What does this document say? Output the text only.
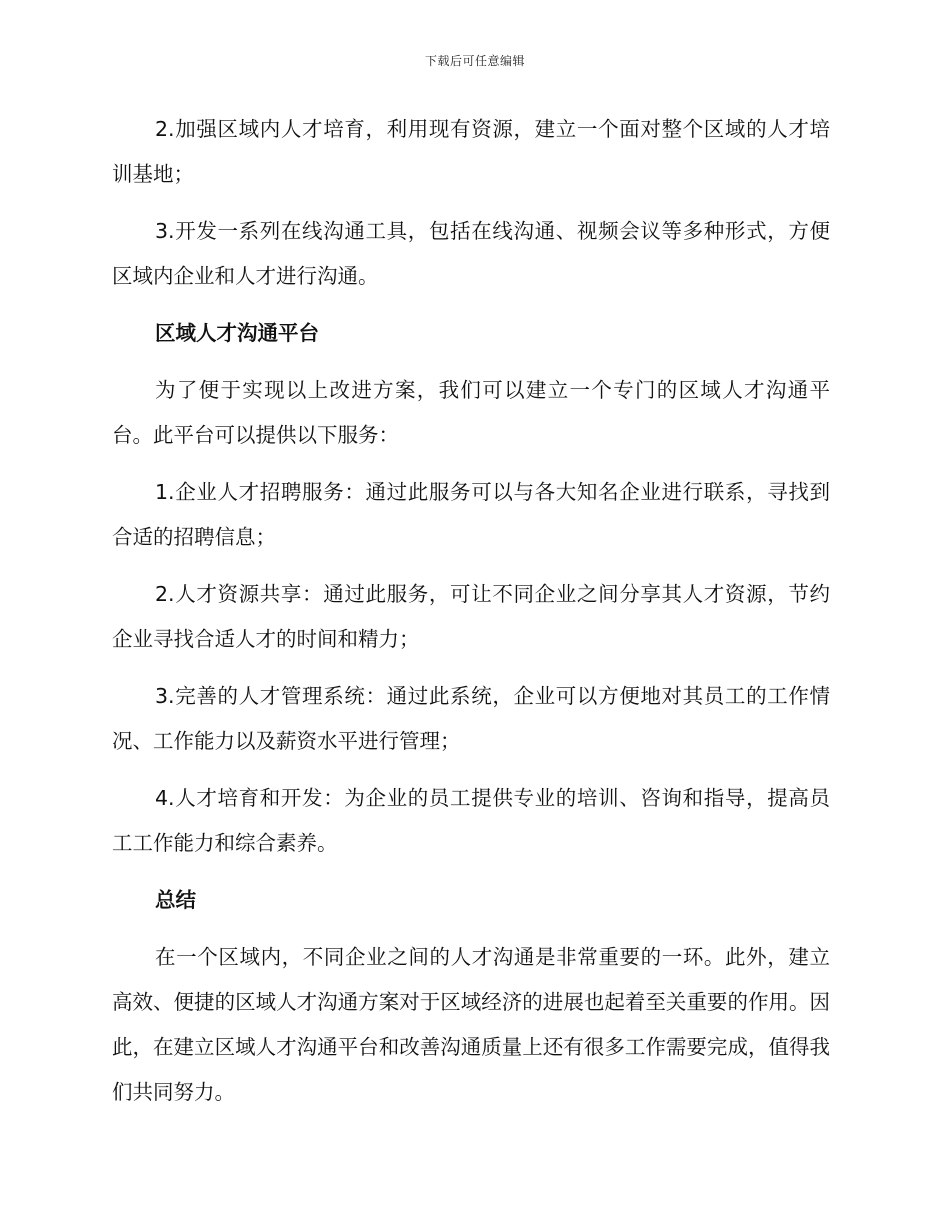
下载后可任意编辑

2.加强区域内人才培育，利用现有资源，建立一个面对整个区域的人才培训基地；

3.开发一系列在线沟通工具，包括在线沟通、视频会议等多种形式，方便区域内企业和人才进行沟通。

区域人才沟通平台

为了便于实现以上改进方案，我们可以建立一个专门的区域人才沟通平台。此平台可以提供以下服务：

1.企业人才招聘服务：通过此服务可以与各大知名企业进行联系，寻找到合适的招聘信息；

2.人才资源共享：通过此服务，可让不同企业之间分享其人才资源，节约企业寻找合适人才的时间和精力；

3.完善的人才管理系统：通过此系统，企业可以方便地对其员工的工作情况、工作能力以及薪资水平进行管理；

4.人才培育和开发：为企业的员工提供专业的培训、咨询和指导，提高员工工作能力和综合素养。

总结

在一个区域内，不同企业之间的人才沟通是非常重要的一环。此外，建立高效、便捷的区域人才沟通方案对于区域经济的进展也起着至关重要的作用。因此，在建立区域人才沟通平台和改善沟通质量上还有很多工作需要完成，值得我们共同努力。
